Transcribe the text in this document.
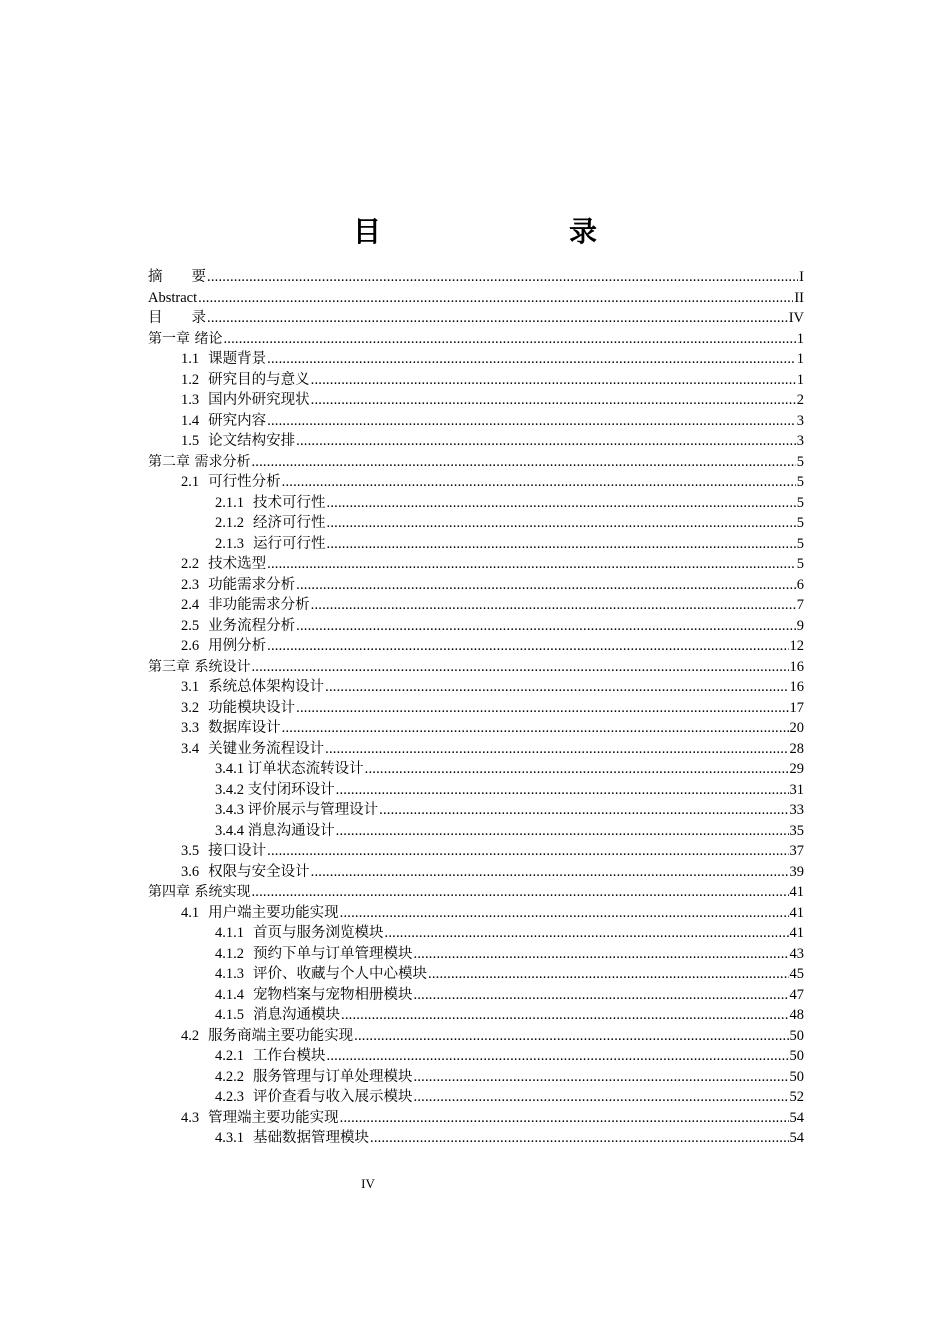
目　　录
摘　　要 .....	I
Abstract .....	II
目　　录 .....	IV
第一章 绪论 .....	1
1.1 课题背景 .....	1
1.2 研究目的与意义 .....	1
1.3 国内外研究现状 .....	2
1.4 研究内容 .....	3
1.5 论文结构安排 .....	3
第二章 需求分析 .....	5
2.1 可行性分析 .....	5
2.1.1 技术可行性 .....	5
2.1.2 经济可行性 .....	5
2.1.3 运行可行性 .....	5
2.2 技术选型 .....	5
2.3 功能需求分析 .....	6
2.4 非功能需求分析 .....	7
2.5 业务流程分析 .....	9
2.6 用例分析 .....	12
第三章 系统设计 .....	16
3.1 系统总体架构设计 .....	16
3.2 功能模块设计 .....	17
3.3 数据库设计 .....	20
3.4 关键业务流程设计 .....	28
3.4.1 订单状态流转设计 .....	29
3.4.2 支付闭环设计 .....	31
3.4.3 评价展示与管理设计 .....	33
3.4.4 消息沟通设计 .....	35
3.5 接口设计 .....	37
3.6 权限与安全设计 .....	39
第四章 系统实现 .....	41
4.1 用户端主要功能实现 .....	41
4.1.1 首页与服务浏览模块 .....	41
4.1.2 预约下单与订单管理模块 .....	43
4.1.3 评价、收藏与个人中心模块 .....	45
4.1.4 宠物档案与宠物相册模块 .....	47
4.1.5 消息沟通模块 .....	48
4.2 服务商端主要功能实现 .....	50
4.2.1 工作台模块 .....	50
4.2.2 服务管理与订单处理模块 .....	50
4.2.3 评价查看与收入展示模块 .....	52
4.3 管理端主要功能实现 .....	54
4.3.1 基础数据管理模块 .....	54
IV
